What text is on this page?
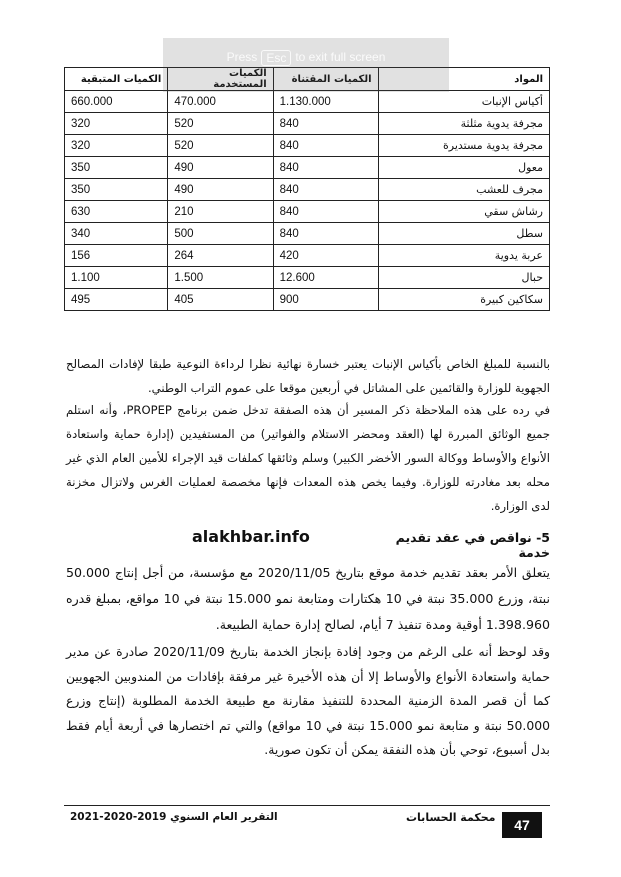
Press Esc to exit full screen
المواد	الكميات المقتناة	الكميات المستخدمة	الكميات المتبقية
أكياس الإنبات	1.130.000	470.000	660.000
مجرفة يدوية مثلثة	840	520	320
مجرفة يدوية مستديرة	840	520	320
معول	840	490	350
مجرف للعشب	840	490	350
رشاش سقي	840	210	630
سطل	840	500	340
عربة يدوية	420	264	156
حبال	12.600	1.500	1.100
سكاكين كبيرة	900	405	495

بالنسبة للمبلغ الخاص بأكياس الإنبات يعتبر خسارة نهائية نظرا لرداءة النوعية طبقا لإفادات المصالح الجهوية للوزارة والقائمين على المشاتل في أربعين موقعا على عموم التراب الوطني.

في رده على هذه الملاحظة ذكر المسير أن هذه الصفقة تدخل ضمن برنامج PROPEP، وأنه استلم جميع الوثائق المبررة لها (العقد ومحضر الاستلام والفواتير) من المستفيدين (إدارة حماية واستعادة الأنواع والأوساط ووكالة السور الأخضر الكبير) وسلم وثائقها كملفات قيد الإجراء للأمين العام الذي غير محله بعد مغادرته للوزارة. وفيما يخص هذه المعدات فإنها مخصصة لعمليات الغرس ولاتزال مخزنة لدى الوزارة.

alakhbar.info	5- نواقص في عقد تقديم خدمة

يتعلق الأمر بعقد تقديم خدمة موقع بتاريخ 2020/11/05 مع مؤسسة، من أجل إنتاج 50.000 نبتة، وزرع 35.000 نبتة في 10 هكتارات ومتابعة نمو 15.000 نبتة في 10 مواقع، بمبلغ قدره 1.398.960 أوقية ومدة تنفيذ 7 أيام، لصالح إدارة حماية الطبيعة.

وقد لوحظ أنه على الرغم من وجود إفادة بإنجاز الخدمة بتاريخ 2020/11/09 صادرة عن مدير حماية واستعادة الأنواع والأوساط إلا أن هذه الأخيرة غير مرفقة بإفادات من المندوبين الجهويين كما أن قصر المدة الزمنية المحددة للتنفيذ مقارنة مع طبيعة الخدمة المطلوبة (إنتاج وزرع 50.000 نبتة و متابعة نمو 15.000 نبتة في 10 مواقع) والتي تم اختصارها في أربعة أيام فقط بدل أسبوع، توحي بأن هذه النفقة يمكن أن تكون صورية.

التقرير العام السنوي 2019-2020-2021	محكمة الحسابات	47
